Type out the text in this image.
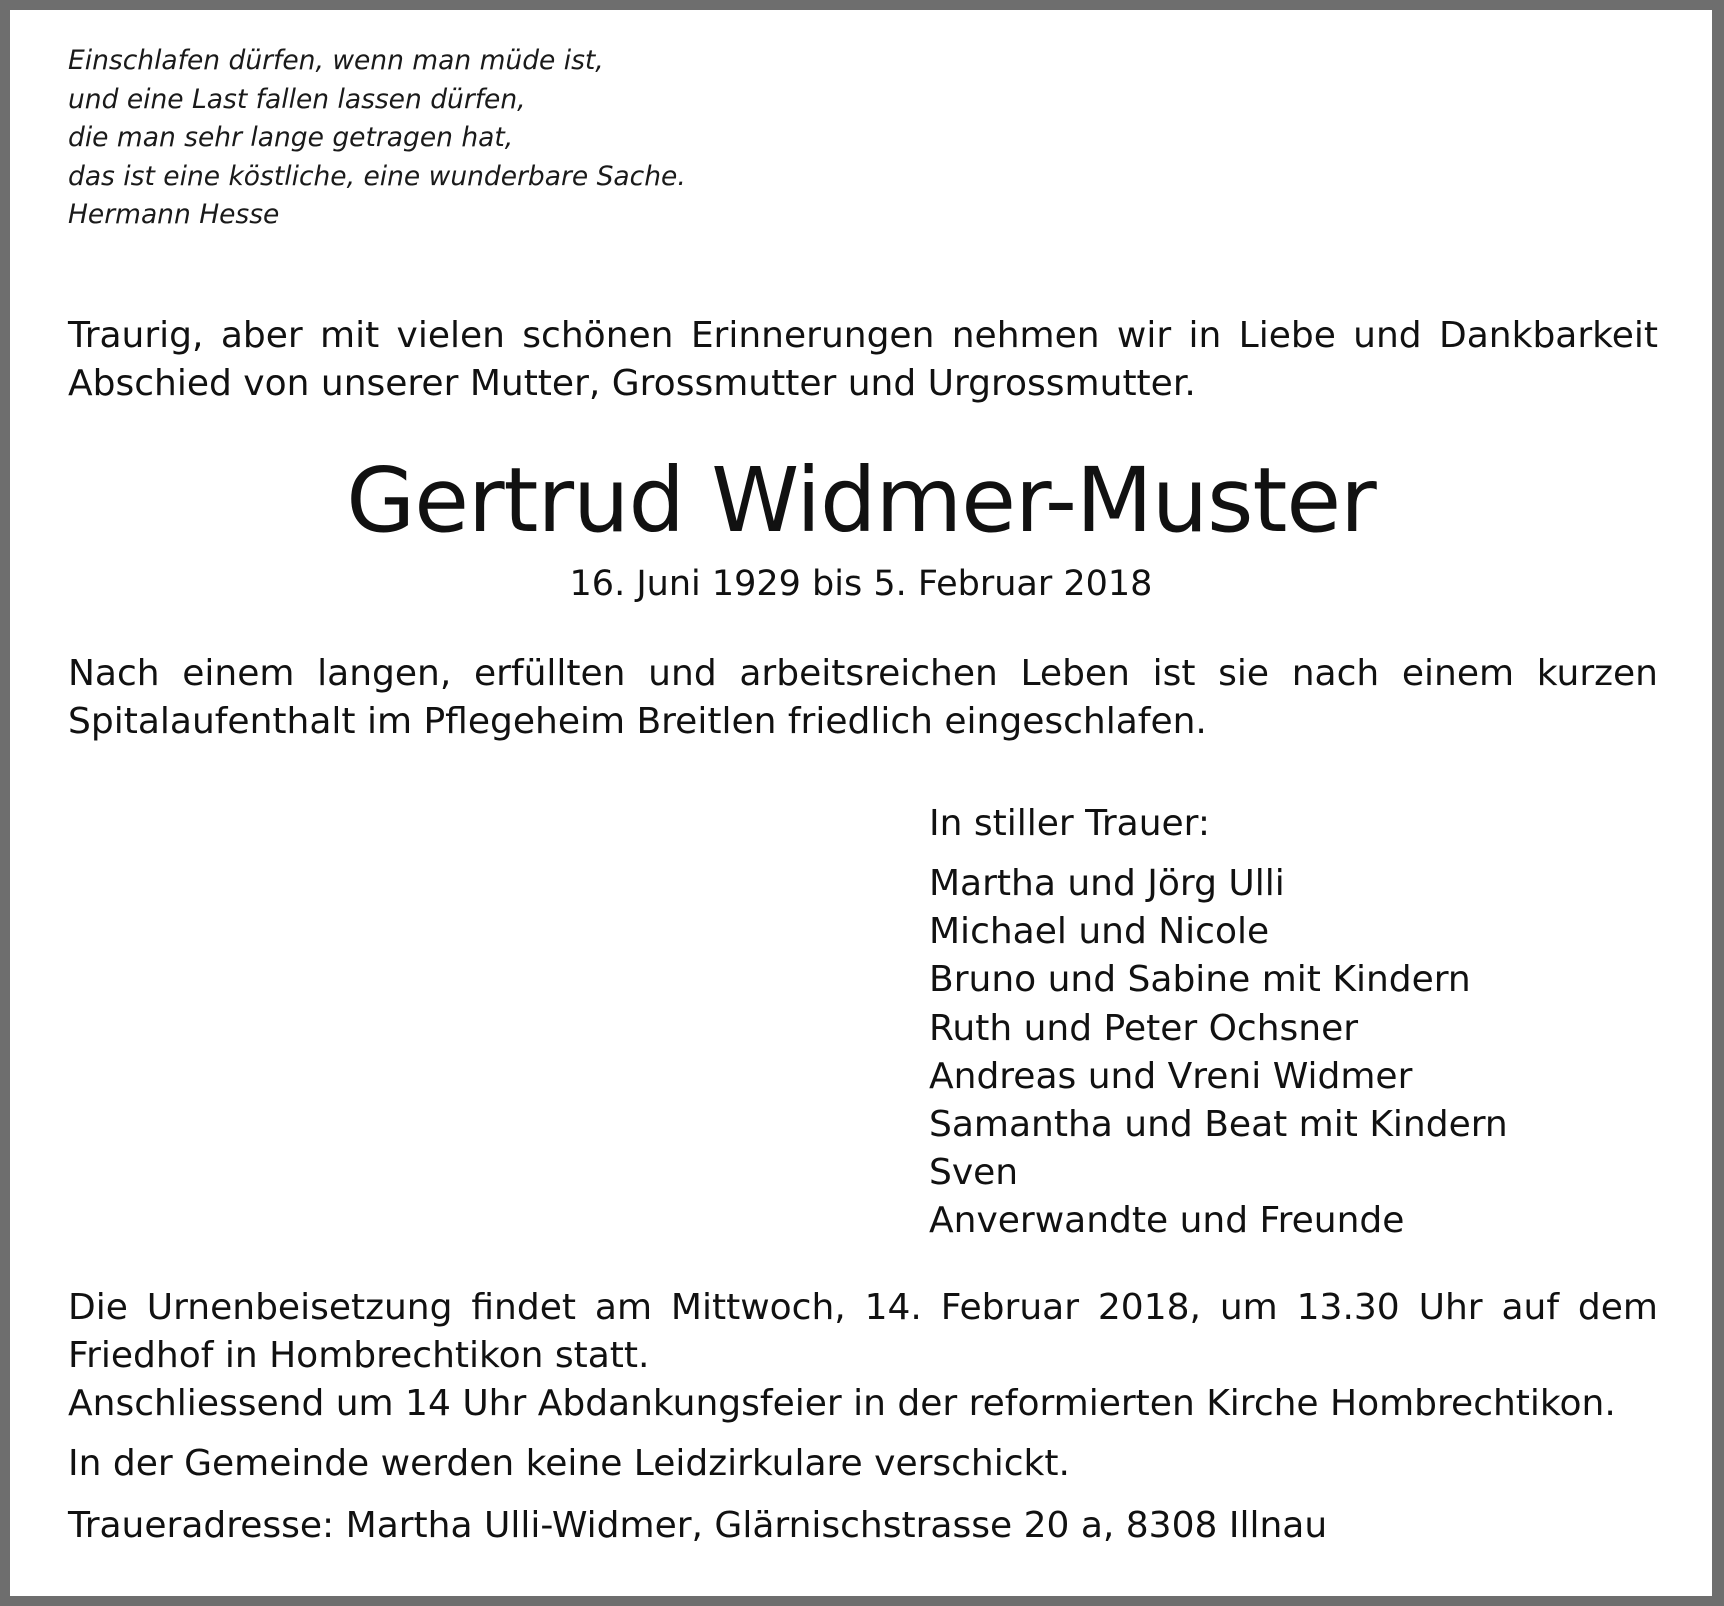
Einschlafen dürfen, wenn man müde ist,
und eine Last fallen lassen dürfen,
die man sehr lange getragen hat,
das ist eine köstliche, eine wunderbare Sache.
Hermann Hesse
Traurig, aber mit vielen schönen Erinnerungen nehmen wir in Liebe und Dankbarkeit
Abschied von unserer Mutter, Grossmutter und Urgrossmutter.
Gertrud Widmer-Muster
16. Juni 1929 bis 5. Februar 2018
Nach einem langen, erfüllten und arbeitsreichen Leben ist sie nach einem kurzen
Spitalaufenthalt im Pflegeheim Breitlen friedlich eingeschlafen.
In stiller Trauer:
Martha und Jörg Ulli
Michael und Nicole
Bruno und Sabine mit Kindern
Ruth und Peter Ochsner
Andreas und Vreni Widmer
Samantha und Beat mit Kindern
Sven
Anverwandte und Freunde
Die Urnenbeisetzung findet am Mittwoch, 14. Februar 2018, um 13.30 Uhr auf dem
Friedhof in Hombrechtikon statt.
Anschliessend um 14 Uhr Abdankungsfeier in der reformierten Kirche Hombrechtikon.
In der Gemeinde werden keine Leidzirkulare verschickt.
Traueradresse: Martha Ulli-Widmer, Glärnischstrasse 20 a, 8308 Illnau
